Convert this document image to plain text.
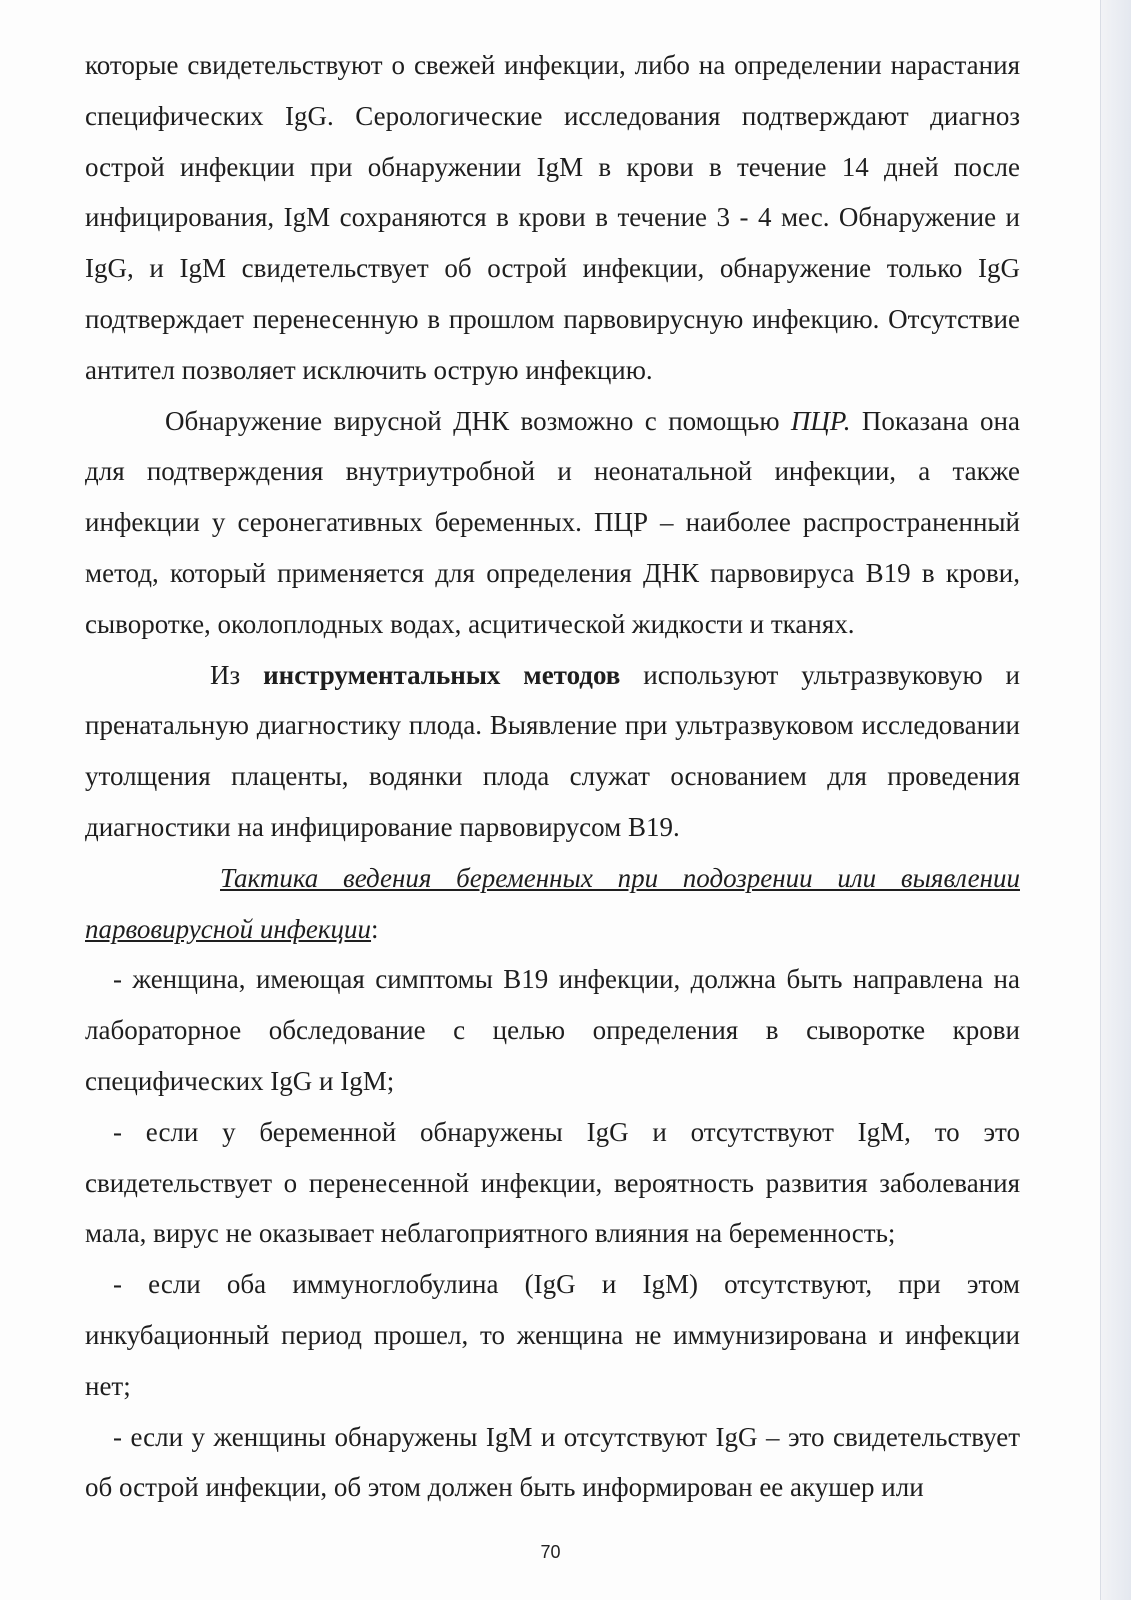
которые свидетельствуют о свежей инфекции, либо на определении нарастания специфических IgG. Серологические исследования подтверждают диагноз острой инфекции при обнаружении IgM в крови в течение 14 дней после инфицирования, IgM сохраняются в крови в течение 3 - 4 мес. Обнаружение и IgG, и IgM свидетельствует об острой инфекции, обнаружение только IgG подтверждает перенесенную в прошлом парвовирусную инфекцию. Отсутствие антител позволяет исключить острую инфекцию.

Обнаружение вирусной ДНК возможно с помощью ПЦР. Показана она для подтверждения внутриутробной и неонатальной инфекции, а также инфекции у серонегативных беременных. ПЦР – наиболее распространенный метод, который применяется для определения ДНК парвовируса В19 в крови, сыворотке, околоплодных водах, асцитической жидкости и тканях.

Из инструментальных методов используют ультразвуковую и пренатальную диагностику плода. Выявление при ультразвуковом исследовании утолщения плаценты, водянки плода служат основанием для проведения диагностики на инфицирование парвовирусом В19.

Тактика ведения беременных при подозрении или выявлении парвовирусной инфекции:

- женщина, имеющая симптомы В19 инфекции, должна быть направлена на лабораторное обследование с целью определения в сыворотке крови специфических IgG и IgM;

- если у беременной обнаружены IgG и отсутствуют IgM, то это свидетельствует о перенесенной инфекции, вероятность развития заболевания мала, вирус не оказывает неблагоприятного влияния на беременность;

- если оба иммуноглобулина (IgG и IgM) отсутствуют, при этом инкубационный период прошел, то женщина не иммунизирована и инфекции нет;

- если у женщины обнаружены IgM и отсутствуют IgG – это свидетельствует об острой инфекции, об этом должен быть информирован ее акушер или

70
